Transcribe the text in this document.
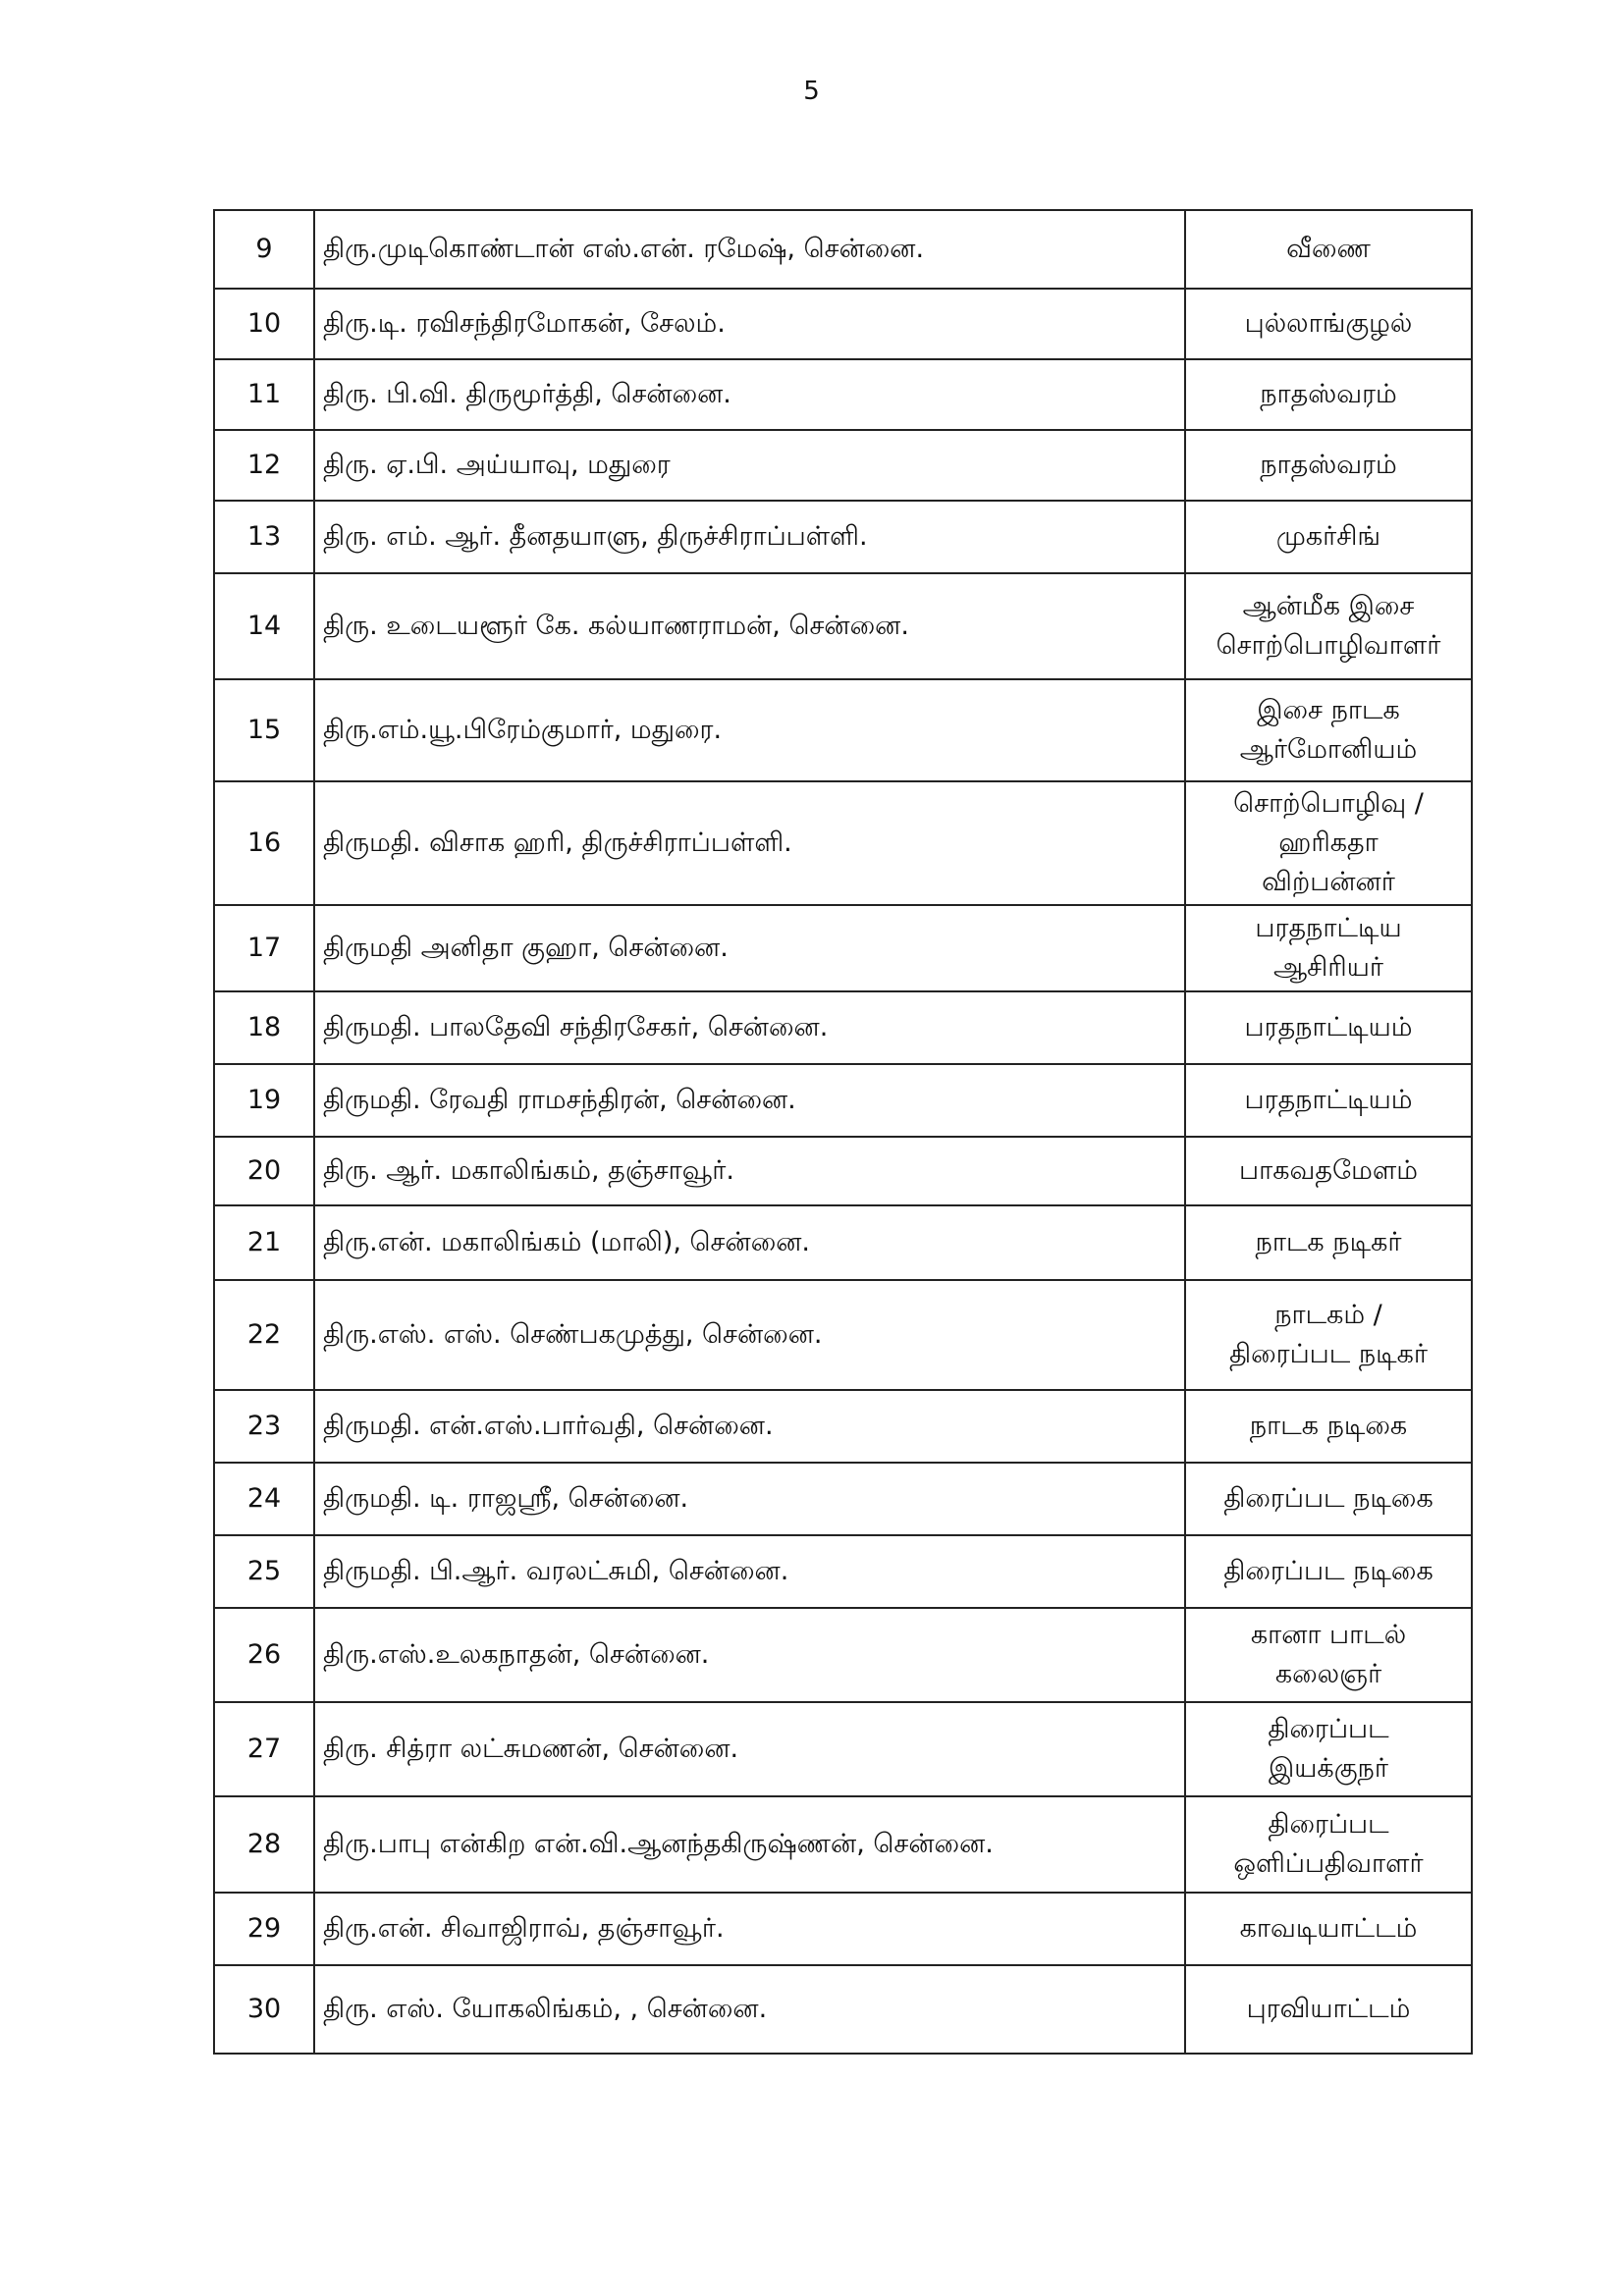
5
9	திரு.முடிகொண்டான் எஸ்.என். ரமேஷ், சென்னை.	வீணை

10	திரு.டி. ரவிசந்திரமோகன், சேலம்.	புல்லாங்குழல்

11	திரு. பி.வி. திருமூர்த்தி, சென்னை.	நாதஸ்வரம்

12	திரு. ஏ.பி. அய்யாவு, மதுரை	நாதஸ்வரம்

13	திரு. எம். ஆர். தீனதயாளு, திருச்சிராப்பள்ளி.	முகர்சிங்

14	திரு. உடையளூர் கே. கல்யாணராமன், சென்னை.	ஆன்மீக இசை
சொற்பொழிவாளர்

15	திரு.எம்.யூ.பிரேம்குமார், மதுரை.	இசை நாடக
ஆர்மோனியம்

16	திருமதி. விசாக ஹரி, திருச்சிராப்பள்ளி.	சொற்பொழிவு /
ஹரிகதா
விற்பன்னர்

17	திருமதி அனிதா குஹா, சென்னை.	பரதநாட்டிய
ஆசிரியர்

18	திருமதி. பாலதேவி சந்திரசேகர், சென்னை.	பரதநாட்டியம்

19	திருமதி. ரேவதி ராமசந்திரன், சென்னை.	பரதநாட்டியம்

20	திரு. ஆர். மகாலிங்கம், தஞ்சாவூர்.	பாகவதமேளம்

21	திரு.என். மகாலிங்கம் (மாலி), சென்னை.	நாடக நடிகர்

22	திரு.எஸ். எஸ். செண்பகமுத்து, சென்னை.	நாடகம் /
திரைப்பட நடிகர்

23	திருமதி. என்.எஸ்.பார்வதி, சென்னை.	நாடக நடிகை

24	திருமதி. டி. ராஜஸ்ரீ, சென்னை.	திரைப்பட நடிகை

25	திருமதி. பி.ஆர். வரலட்சுமி, சென்னை.	திரைப்பட நடிகை

26	திரு.எஸ்.உலகநாதன், சென்னை.	கானா பாடல்
கலைஞர்

27	திரு. சித்ரா லட்சுமணன், சென்னை.	திரைப்பட
இயக்குநர்

28	திரு.பாபு என்கிற என்.வி.ஆனந்தகிருஷ்ணன், சென்னை.	திரைப்பட
ஒளிப்பதிவாளர்

29	திரு.என். சிவாஜிராவ், தஞ்சாவூர்.	காவடியாட்டம்

30	திரு. எஸ். யோகலிங்கம், , சென்னை.	புரவியாட்டம்
